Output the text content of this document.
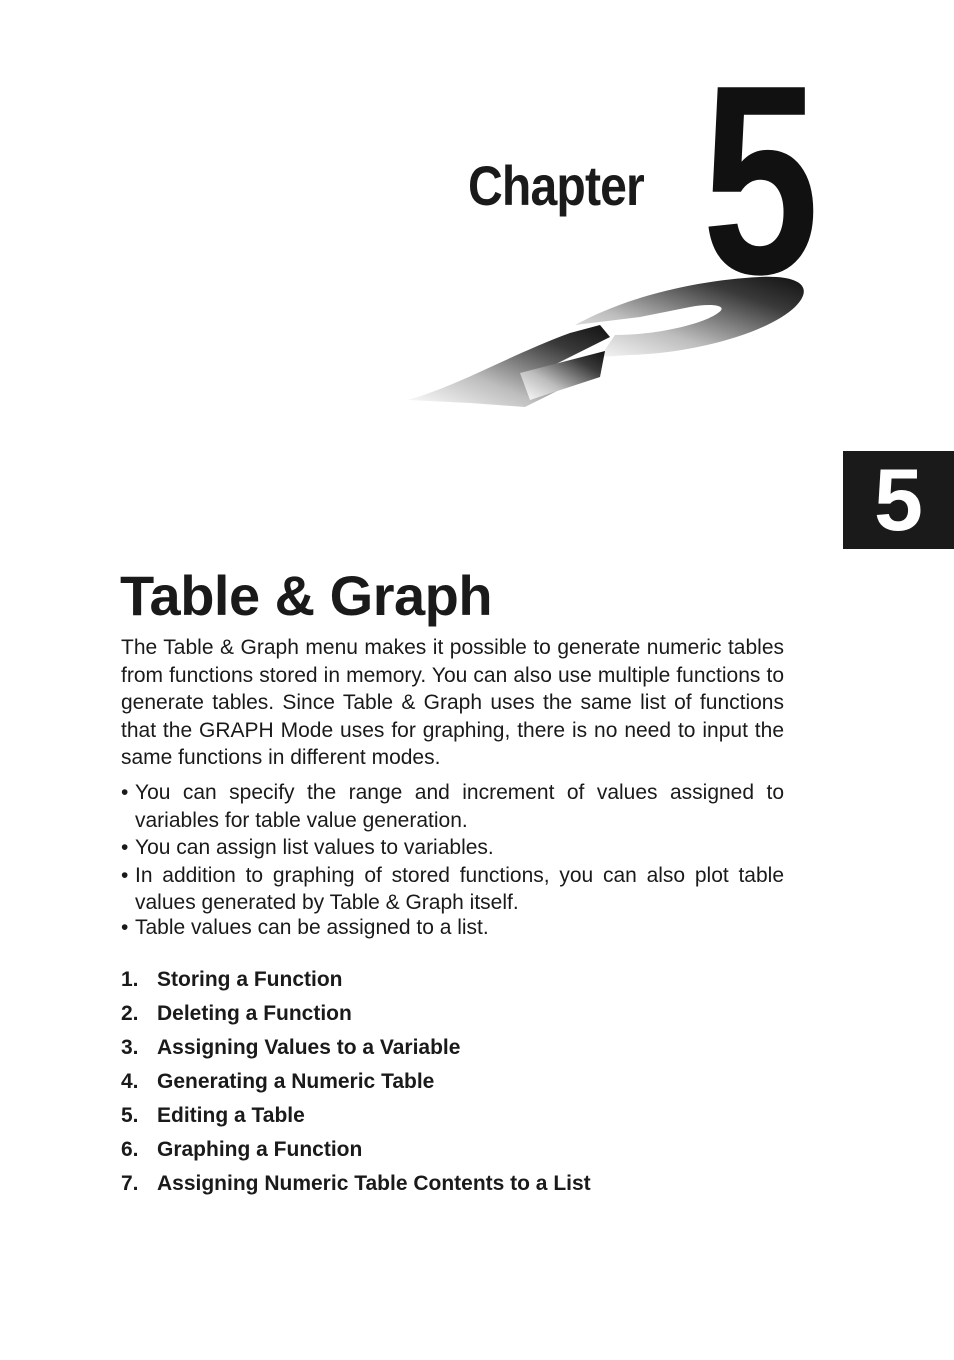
5
Chapter
5
Table & Graph

The Table & Graph menu makes it possible to generate numeric tables from functions stored in memory. You can also use multiple functions to generate tables. Since Table & Graph uses the same list of functions that the GRAPH Mode uses for graphing, there is no need to input the same functions in different modes.

• You can specify the range and increment of values assigned to variables for table value generation.
• You can assign list values to variables.
• In addition to graphing of stored functions, you can also plot table values generated by Table & Graph itself.
• Table values can be assigned to a list.
1. Storing a Function
2. Deleting a Function
3. Assigning Values to a Variable
4. Generating a Numeric Table
5. Editing a Table
6. Graphing a Function
7. Assigning Numeric Table Contents to a List
